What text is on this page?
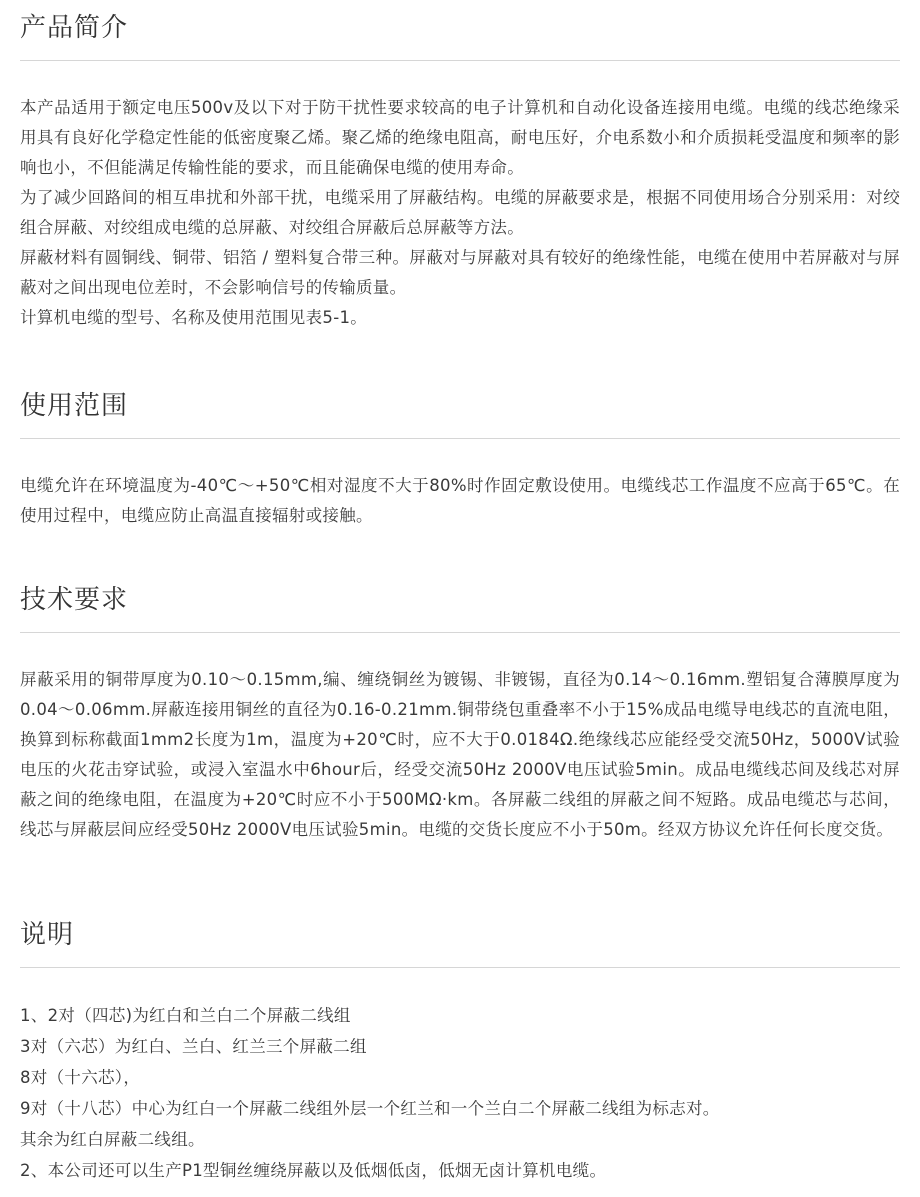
产品简介

本产品适用于额定电压500v及以下对于防干扰性要求较高的电子计算机和自动化设备连接用电缆。电缆的线芯绝缘采用具有良好化学稳定性能的低密度聚乙烯。聚乙烯的绝缘电阻高，耐电压好，介电系数小和介质损耗受温度和频率的影响也小，不但能满足传输性能的要求，而且能确保电缆的使用寿命。

为了减少回路间的相互串扰和外部干扰，电缆采用了屏蔽结构。电缆的屏蔽要求是，根据不同使用场合分别采用：对绞组合屏蔽、对绞组成电缆的总屏蔽、对绞组合屏蔽后总屏蔽等方法。

屏蔽材料有圆铜线、铜带、铝箔 / 塑料复合带三种。屏蔽对与屏蔽对具有较好的绝缘性能，电缆在使用中若屏蔽对与屏蔽对之间出现电位差时，不会影响信号的传输质量。

计算机电缆的型号、名称及使用范围见表5-1。

使用范围

电缆允许在环境温度为-40℃～+50℃相对湿度不大于80%时作固定敷设使用。电缆线芯工作温度不应高于65℃。在使用过程中，电缆应防止高温直接辐射或接触。

技术要求

屏蔽采用的铜带厚度为0.10～0.15mm,编、缠绕铜丝为镀锡、非镀锡，直径为0.14～0.16mm.塑铝复合薄膜厚度为0.04～0.06mm.屏蔽连接用铜丝的直径为0.16-0.21mm.铜带绕包重叠率不小于15%成品电缆导电线芯的直流电阻，换算到标称截面1mm2长度为1m，温度为+20℃时，应不大于0.0184Ω.绝缘线芯应能经受交流50Hz，5000V试验电压的火花击穿试验，或浸入室温水中6hour后，经受交流50Hz 2000V电压试验5min。成品电缆线芯间及线芯对屏蔽之间的绝缘电阻，在温度为+20℃时应不小于500MΩ·km。各屏蔽二线组的屏蔽之间不短路。成品电缆芯与芯间，线芯与屏蔽层间应经受50Hz 2000V电压试验5min。电缆的交货长度应不小于50m。经双方协议允许任何长度交货。

说明

1、2对（四芯)为红白和兰白二个屏蔽二线组

3对（六芯）为红白、兰白、红兰三个屏蔽二组

8对（十六芯），

9对（十八芯）中心为红白一个屏蔽二线组外层一个红兰和一个兰白二个屏蔽二线组为标志对。

其余为红白屏蔽二线组。

2、本公司还可以生产P1型铜丝缠绕屏蔽以及低烟低卤，低烟无卤计算机电缆。
